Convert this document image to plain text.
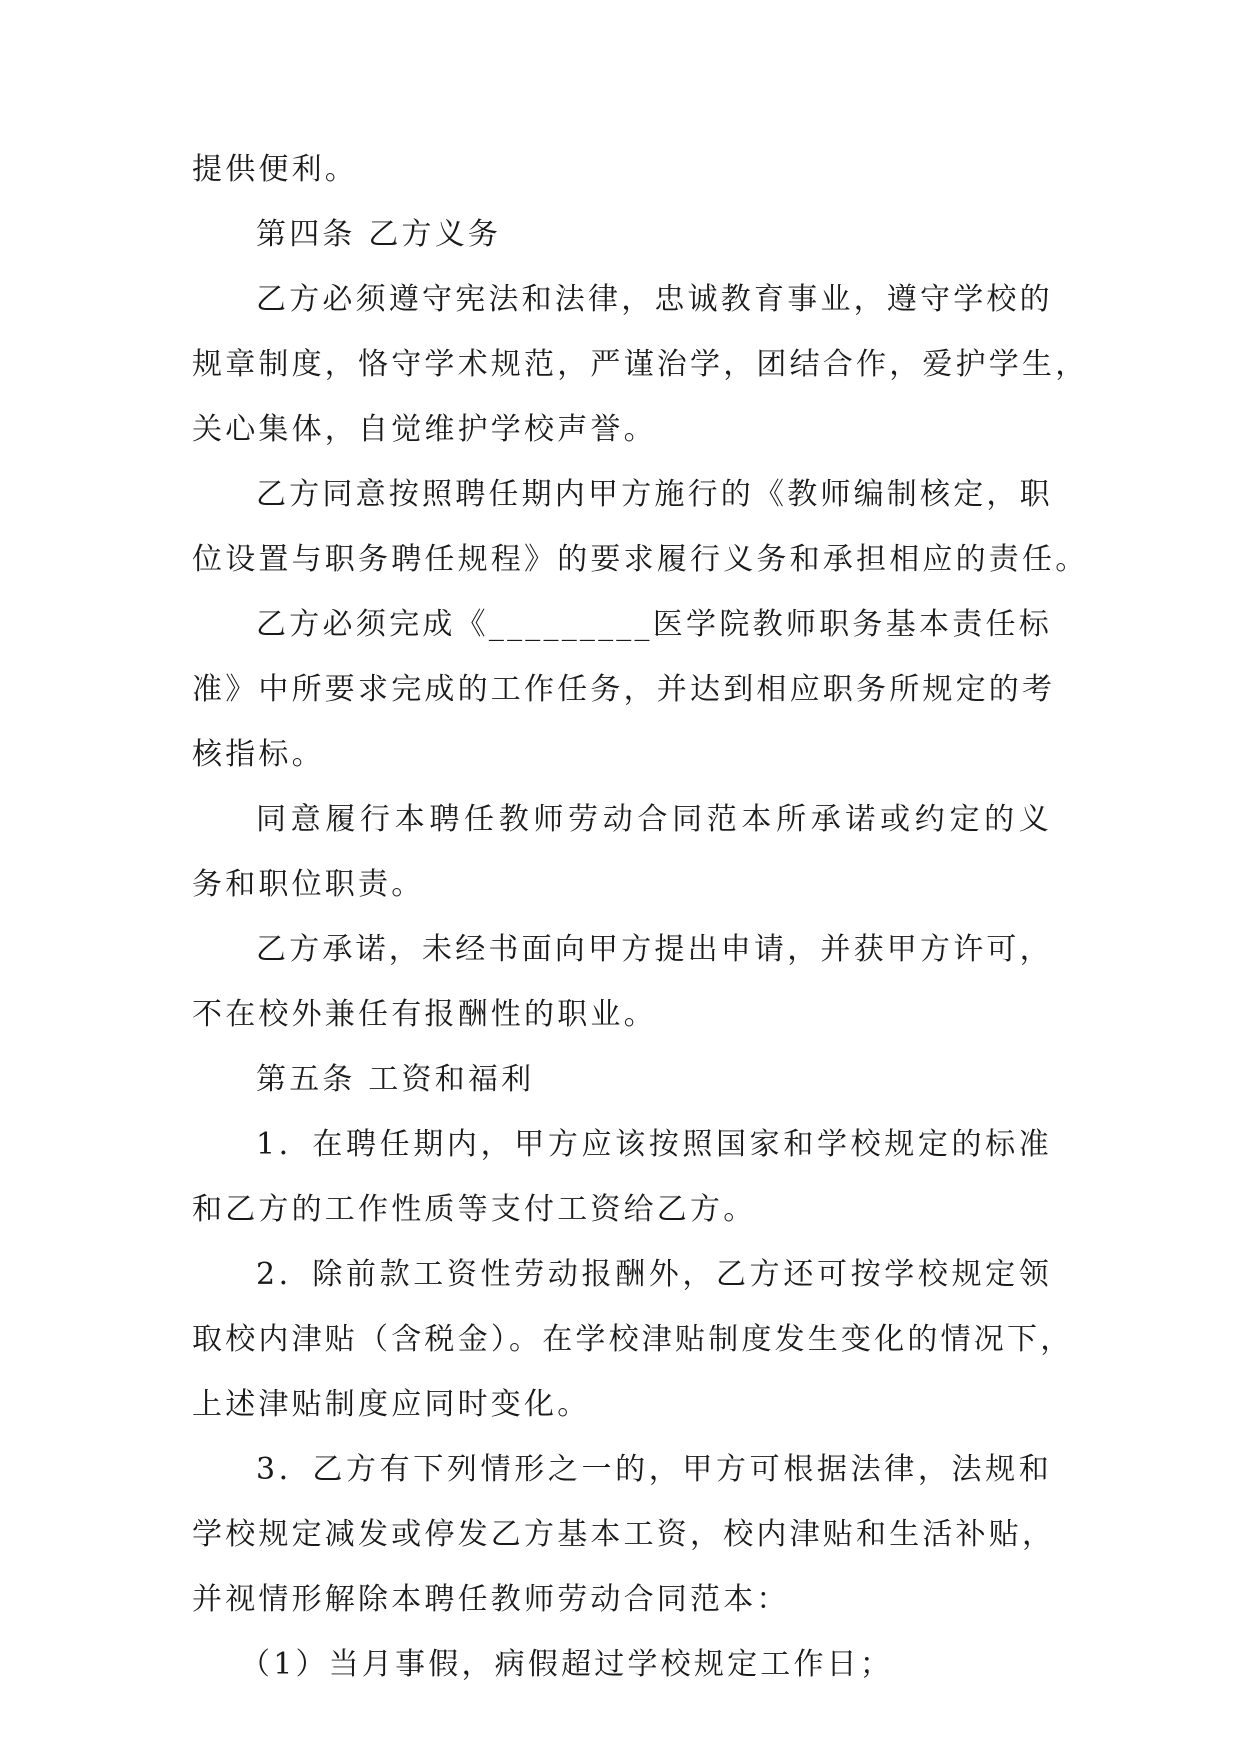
提供便利。
第四条 乙方义务
乙方必须遵守宪法和法律，忠诚教育事业，遵守学校的
规章制度，恪守学术规范，严谨治学，团结合作，爱护学生，
关心集体，自觉维护学校声誉。
乙方同意按照聘任期内甲方施行的《教师编制核定，职
位设置与职务聘任规程》的要求履行义务和承担相应的责任。
乙方必须完成《_________医学院教师职务基本责任标
准》中所要求完成的工作任务，并达到相应职务所规定的考
核指标。
同意履行本聘任教师劳动合同范本所承诺或约定的义
务和职位职责。
乙方承诺，未经书面向甲方提出申请，并获甲方许可，
不在校外兼任有报酬性的职业。
第五条 工资和福利
1．在聘任期内，甲方应该按照国家和学校规定的标准
和乙方的工作性质等支付工资给乙方。
2．除前款工资性劳动报酬外，乙方还可按学校规定领
取校内津贴（含税金）。在学校津贴制度发生变化的情况下，
上述津贴制度应同时变化。
3．乙方有下列情形之一的，甲方可根据法律，法规和
学校规定减发或停发乙方基本工资，校内津贴和生活补贴，
并视情形解除本聘任教师劳动合同范本：
（1）当月事假，病假超过学校规定工作日；
